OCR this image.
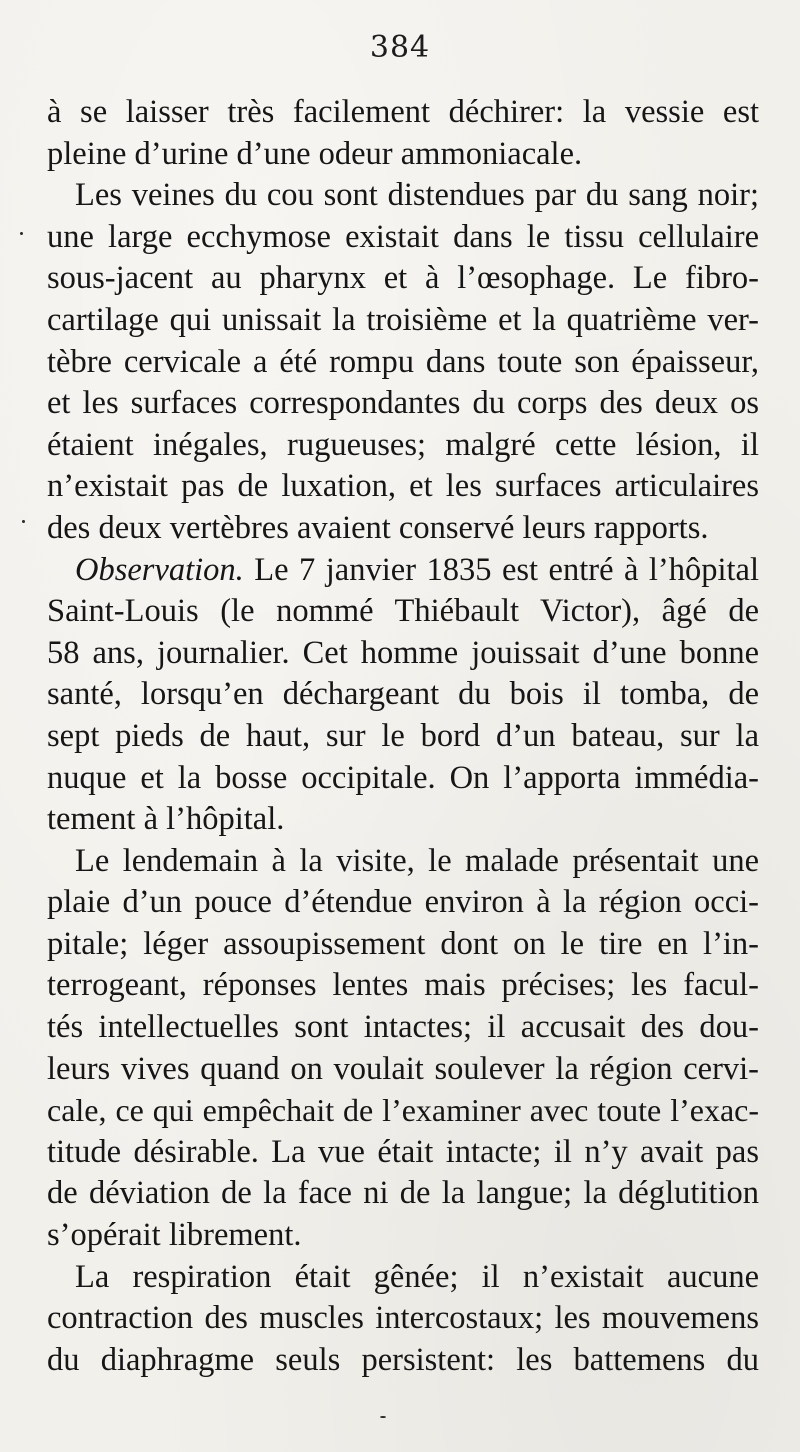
384
à se laisser très facilement déchirer: la vessie est
pleine d’urine d’une odeur ammoniacale.
Les veines du cou sont distendues par du sang noir;
une large ecchymose existait dans le tissu cellulaire
sous-jacent au pharynx et à l’œsophage. Le fibro-
cartilage qui unissait la troisième et la quatrième ver-
tèbre cervicale a été rompu dans toute son épaisseur,
et les surfaces correspondantes du corps des deux os
étaient inégales, rugueuses; malgré cette lésion, il
n’existait pas de luxation, et les surfaces articulaires
des deux vertèbres avaient conservé leurs rapports.
Observation. Le 7 janvier 1835 est entré à l’hôpital
Saint-Louis (le nommé Thiébault Victor), âgé de
58 ans, journalier. Cet homme jouissait d’une bonne
santé, lorsqu’en déchargeant du bois il tomba, de
sept pieds de haut, sur le bord d’un bateau, sur la
nuque et la bosse occipitale. On l’apporta immédia-
tement à l’hôpital.
Le lendemain à la visite, le malade présentait une
plaie d’un pouce d’étendue environ à la région occi-
pitale; léger assoupissement dont on le tire en l’in-
terrogeant, réponses lentes mais précises; les facul-
tés intellectuelles sont intactes; il accusait des dou-
leurs vives quand on voulait soulever la région cervi-
cale, ce qui empêchait de l’examiner avec toute l’exac-
titude désirable. La vue était intacte; il n’y avait pas
de déviation de la face ni de la langue; la déglutition
s’opérait librement.
La respiration était gênée; il n’existait aucune
contraction des muscles intercostaux; les mouvemens
du diaphragme seuls persistent: les battemens du
